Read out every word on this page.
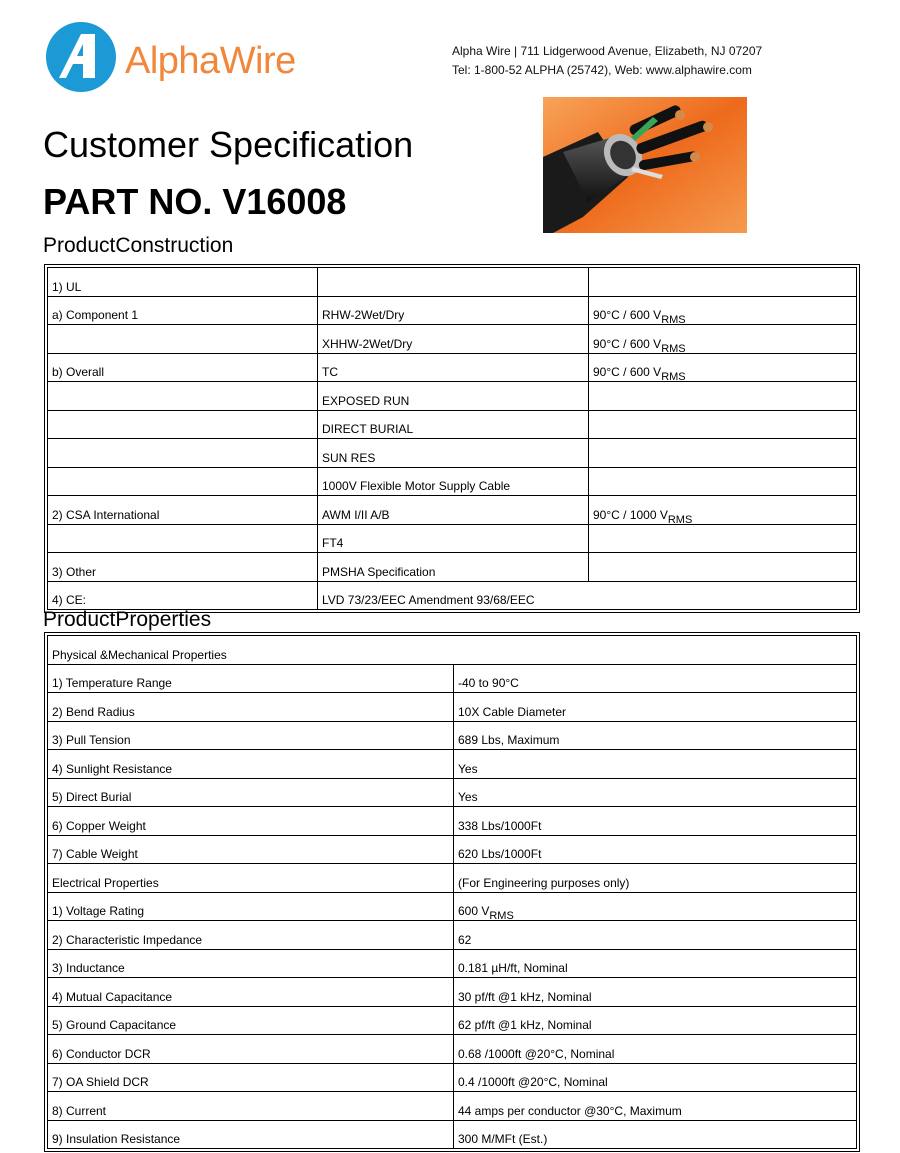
AlphaWire	Alpha Wire | 711 Lidgerwood Avenue, Elizabeth, NJ 07207
Tel: 1-800-52 ALPHA (25742), Web: www.alphawire.com
Customer Specification
PART NO. V16008
ProductConstruction
1) UL		
a) Component 1	RHW-2Wet/Dry	90°C / 600 VRMS
	XHHW-2Wet/Dry	90°C / 600 VRMS
b) Overall	TC	90°C / 600 VRMS
	EXPOSED RUN	
	DIRECT BURIAL	
	SUN RES	
	1000V Flexible Motor Supply Cable	
2) CSA International	AWM I/II A/B	90°C / 1000 VRMS
	FT4	
3) Other	PMSHA Specification	
4) CE:	LVD 73/23/EEC Amendment 93/68/EEC	
ProductProperties
Physical &Mechanical Properties	
1) Temperature Range	-40 to 90°C
2) Bend Radius	10X Cable Diameter
3) Pull Tension	689 Lbs, Maximum
4) Sunlight Resistance	Yes
5) Direct Burial	Yes
6) Copper Weight	338 Lbs/1000Ft
7) Cable Weight	620 Lbs/1000Ft
Electrical Properties	(For Engineering purposes only)
1) Voltage Rating	600 VRMS
2) Characteristic Impedance	62
3) Inductance	0.181 µH/ft, Nominal
4) Mutual Capacitance	30 pf/ft @1 kHz, Nominal
5) Ground Capacitance	62 pf/ft @1 kHz, Nominal
6) Conductor DCR	0.68 /1000ft @20°C, Nominal
7) OA Shield DCR	0.4 /1000ft @20°C, Nominal
8) Current	44 amps per conductor @30°C, Maximum
9) Insulation Resistance	300 M/MFt (Est.)
